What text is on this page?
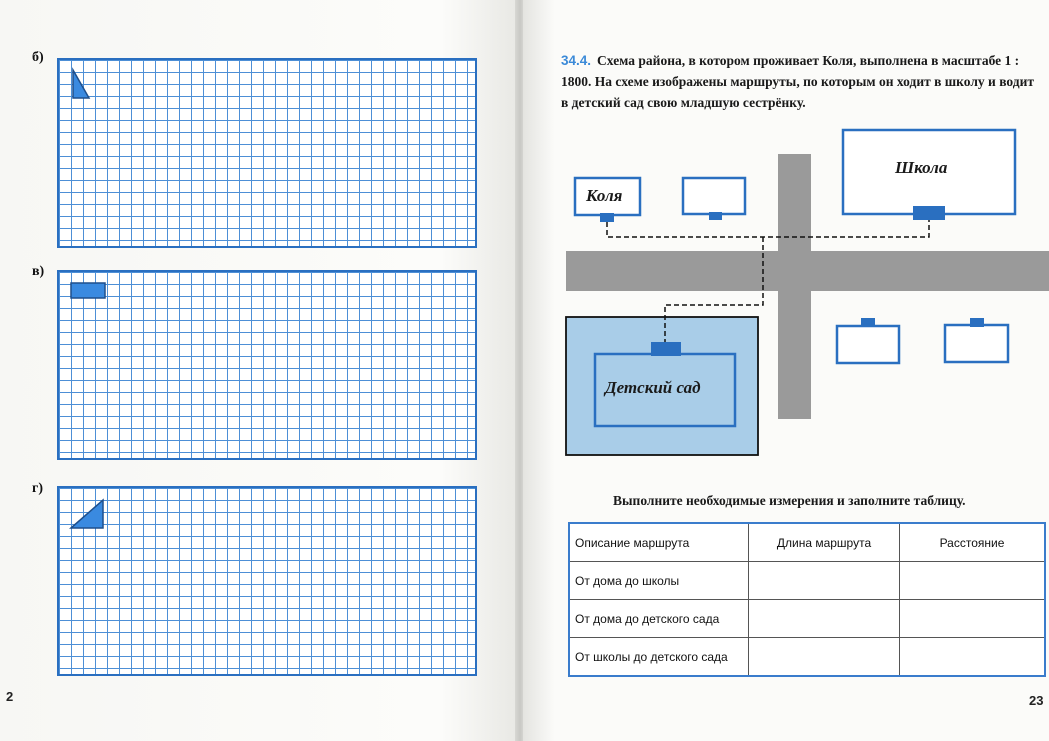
б)
в)
г)
2
34.4. Схема района, в котором проживает Коля, выполнена в масштабе 1 : 1800. На схеме изображены маршруты, по которым он ходит в школу и водит в детский сад свою младшую сестрёнку.
Коля
Школа
Детский сад
Выполните необходимые измерения и заполните таблицу.
Описание маршрута	Длина маршрута	Расстояние
От дома до школы		
От дома до детского сада		
От школы до детского сада		
23
